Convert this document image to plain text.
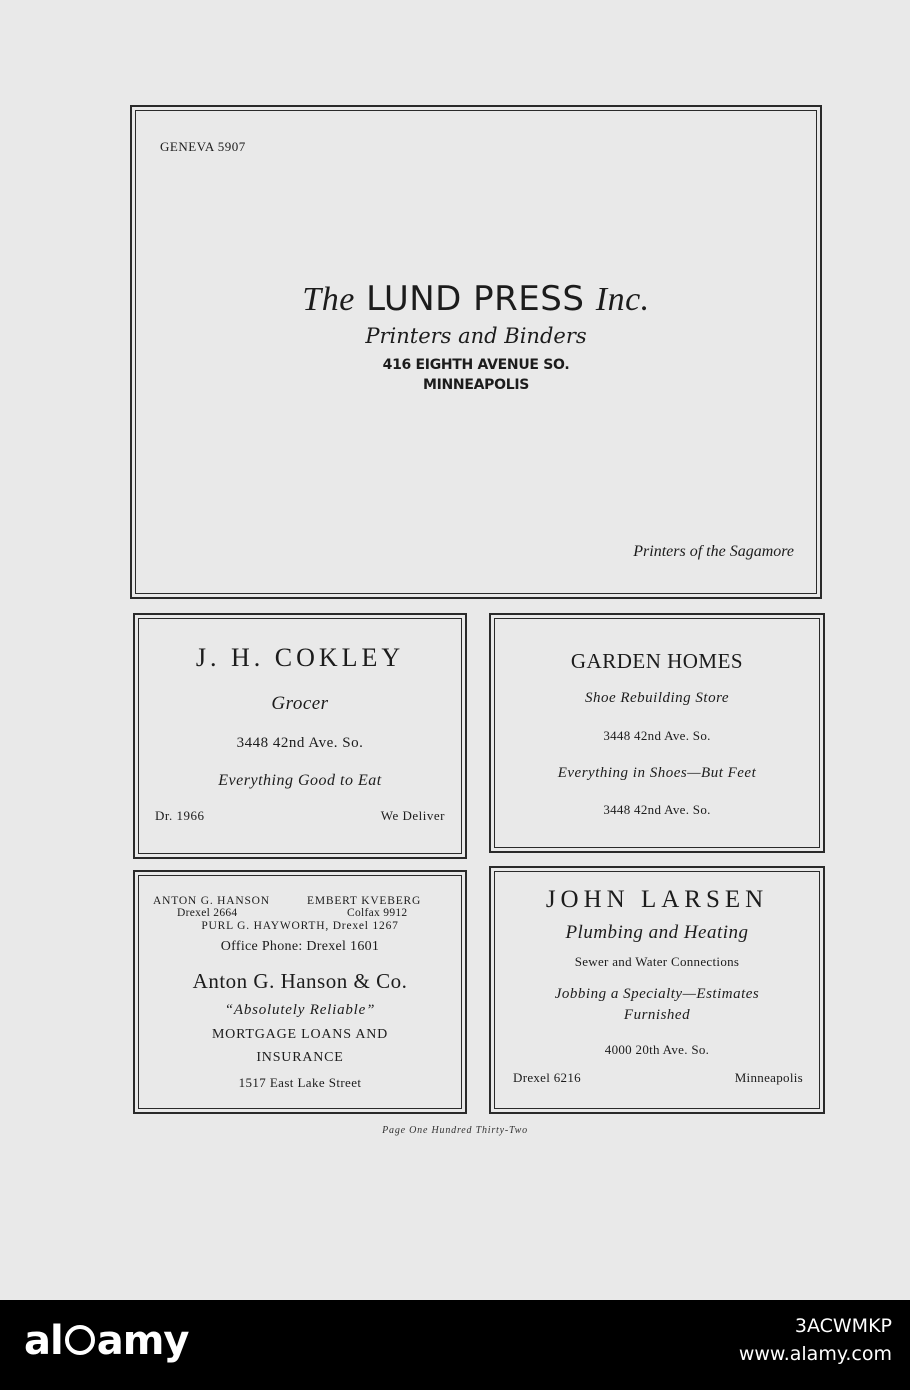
GENEVA 5907
The LUND PRESS Inc.
Printers and Binders
416 EIGHTH AVENUE SO.
MINNEAPOLIS
Printers of the Sagamore
J. H. COKLEY
Grocer
3448 42nd Ave. So.
Everything Good to Eat
Dr. 1966	We Deliver
GARDEN HOMES
Shoe Rebuilding Store
3448 42nd Ave. So.
Everything in Shoes—But Feet
3448 42nd Ave. So.
ANTON G. HANSON	EMBERT KVEBERG
Drexel 2664	Colfax 9912
PURL G. HAYWORTH, Drexel 1267
Office Phone: Drexel 1601
Anton G. Hanson & Co.
“Absolutely Reliable”
MORTGAGE LOANS AND
INSURANCE
1517 East Lake Street
JOHN LARSEN
Plumbing and Heating
Sewer and Water Connections
Jobbing a Specialty—Estimates
Furnished
4000 20th Ave. So.
Drexel 6216	Minneapolis
Page One Hundred Thirty-Two
al amy	3ACWMKP
www.alamy.com
